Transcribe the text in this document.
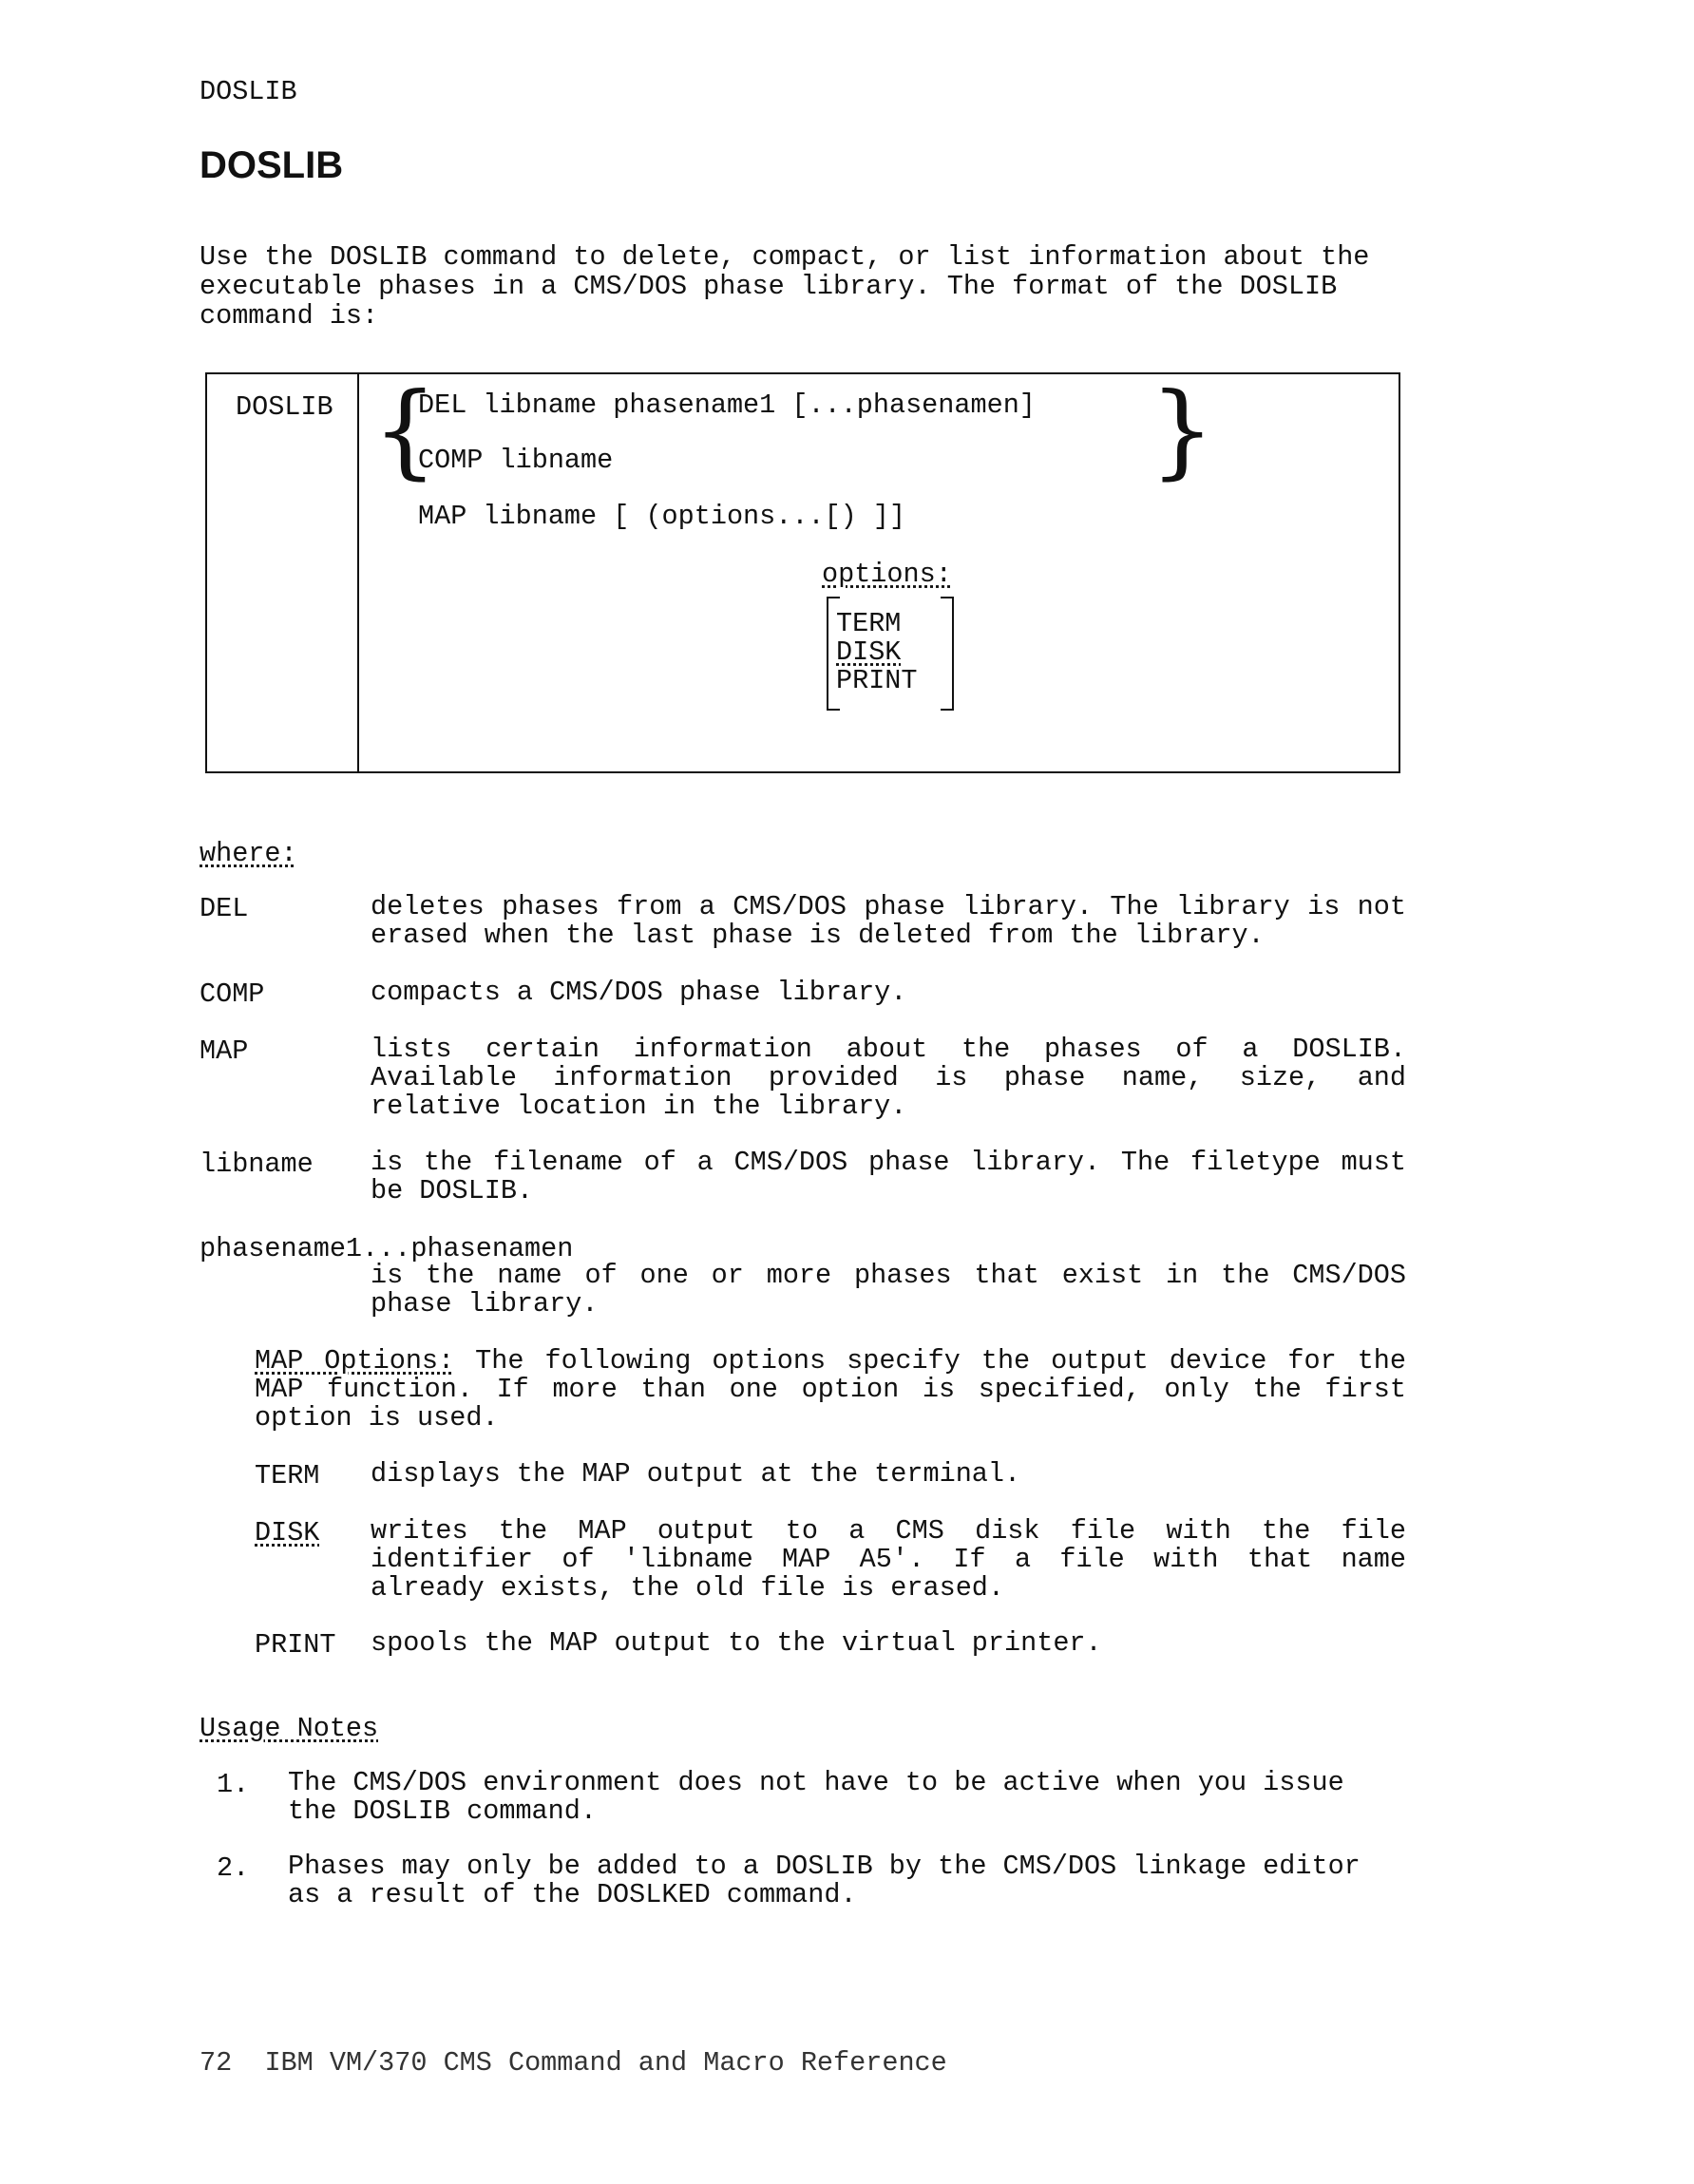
DOSLIB
DOSLIB
Use the DOSLIB command to delete, compact, or list information about the executable phases in a CMS/DOS phase library. The format of the DOSLIB command is:

DOSLIB {	}
DEL libname phasename1 [...phasenamen]
COMP libname
MAP libname [ (options...[) ]]
options:

TERM
DISK
PRINT
where:
DEL	deletes phases from a CMS/DOS phase library. The library is not erased when the last phase is deleted from the library.
COMP	compacts a CMS/DOS phase library.
MAP	lists certain information about the phases of a DOSLIB. Available information provided is phase name, size, and relative location in the library.
libname is the filename of a CMS/DOS phase library. The filetype must be DOSLIB.
phasename1...phasenamen
is the name of one or more phases that exist in the CMS/DOS phase library.
MAP Options: The following options specify the output device for the MAP function. If more than one option is specified, only the first option is used.
TERM displays the MAP output at the terminal.
DISK writes the MAP output to a CMS disk file with the file identifier of 'libname MAP A5'. If a file with that name already exists, the old file is erased.
PRINT spools the MAP output to the virtual printer.
Usage Notes
1. The CMS/DOS environment does not have to be active when you issue the DOSLIB command.
2. Phases may only be added to a DOSLIB by the CMS/DOS linkage editor as a result of the DOSLKED command.
72 IBM VM/370 CMS Command and Macro Reference
